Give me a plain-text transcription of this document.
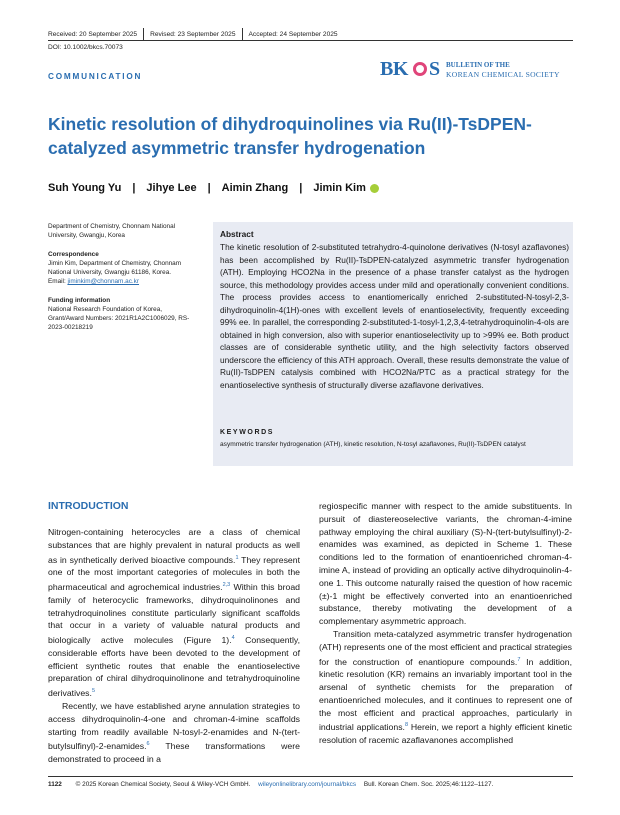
Received: 20 September 2025 Revised: 23 September 2025 Accepted: 24 September 2025
DOI: 10.1002/bkcs.70073
COMMUNICATION	BK S BULLETIN OF THE
KOREAN CHEMICAL SOCIETY
Kinetic resolution of dihydroquinolines via Ru(II)-TsDPEN-catalyzed asymmetric transfer hydrogenation
Suh Young Yu | Jihye Lee | Aimin Zhang | Jimin Kim
Department of Chemistry, Chonnam National University, Gwangju, Korea
Correspondence
Jimin Kim, Department of Chemistry, Chonnam National University, Gwangju 61186, Korea.
Email: jiminkim@chonnam.ac.kr
Funding information
National Research Foundation of Korea, Grant/Award Numbers: 2021R1A2C1006029, RS-2023-00218219
Abstract
The kinetic resolution of 2-substituted tetrahydro-4-quinolone derivatives (N-tosyl azaflavones) has been accomplished by Ru(II)-TsDPEN-catalyzed asymmetric transfer hydrogenation (ATH). Employing HCO2Na in the presence of a phase transfer catalyst as the hydrogen source, this methodology provides access under mild and operationally convenient conditions. The process provides access to enantiomerically enriched 2-substituted-N-tosyl-2,3-dihydroquinolin-4(1H)-ones with excellent levels of enantioselectivity, frequently exceeding 99% ee. In parallel, the corresponding 2-substituted-1-tosyl-1,2,3,4-tetrahydroquinolin-4-ols are obtained in high conversion, also with superior enantioselectivity up to >99% ee. Both product classes are of considerable synthetic utility, and the high selectivity factors observed underscore the efficiency of this ATH approach. Overall, these results demonstrate the value of Ru(II)-TsDPEN catalysis combined with HCO2Na/PTC as a practical strategy for the enantioselective synthesis of structurally diverse azaflavone derivatives.
KEYWORDS
asymmetric transfer hydrogenation (ATH), kinetic resolution, N-tosyl azaflavones, Ru(II)-TsDPEN catalyst
INTRODUCTION

Nitrogen-containing heterocycles are a class of chemical substances that are highly prevalent in natural products as well as in synthetically derived bioactive compounds.$^1$ They represent one of the most important categories of molecules in both the pharmaceutical and agrochemical industries.$^{2,3}$ Within this broad family of heterocyclic frameworks, dihydroquinolinones and tetrahydroquinolines constitute particularly significant scaffolds that occur in a variety of valuable natural products and biologically active molecules (Figure 1).$^4$ Consequently, considerable efforts have been devoted to the development of efficient synthetic routes that enable the enantioselective preparation of chiral dihydroquinolinone and tetrahydroquinoline derivatives.$^5$

Recently, we have established aryne annulation strategies to access dihydroquinolin-4-one and chroman-4-imine scaffolds starting from readily available N-tosyl-2-enamides and N-(tert-butylsulfinyl)-2-enamides.$^6$ These transformations were demonstrated to proceed in a

regiospecific manner with respect to the amide substituents. In pursuit of diastereoselective variants, the chroman-4-imine pathway employing the chiral auxiliary (S)-N-(tert-butylsulfinyl)-2-enamides was examined, as depicted in Scheme 1. These conditions led to the formation of enantioenriched chroman-4-imine A, instead of providing an optically active dihydroquinolin-4-one 1. This outcome naturally raised the question of how racemic (±)-1 might be effectively converted into an enantioenriched substance, thereby motivating the development of a complementary asymmetric approach.

Transition meta-catalyzed asymmetric transfer hydrogenation (ATH) represents one of the most efficient and practical strategies for the construction of enantiopure compounds.$^7$ In addition, kinetic resolution (KR) remains an invariably important tool in the arsenal of synthetic chemists for the preparation of enantioenriched molecules, and it continues to represent one of the most efficient and practical approaches, particularly in industrial applications.$^8$ Herein, we report a highly efficient kinetic resolution of racemic azaflavanones accomplished

1122 © 2025 Korean Chemical Society, Seoul & Wiley-VCH GmbH. wileyonlinelibrary.com/journal/bkcs Bull. Korean Chem. Soc. 2025;46:1122–1127.
